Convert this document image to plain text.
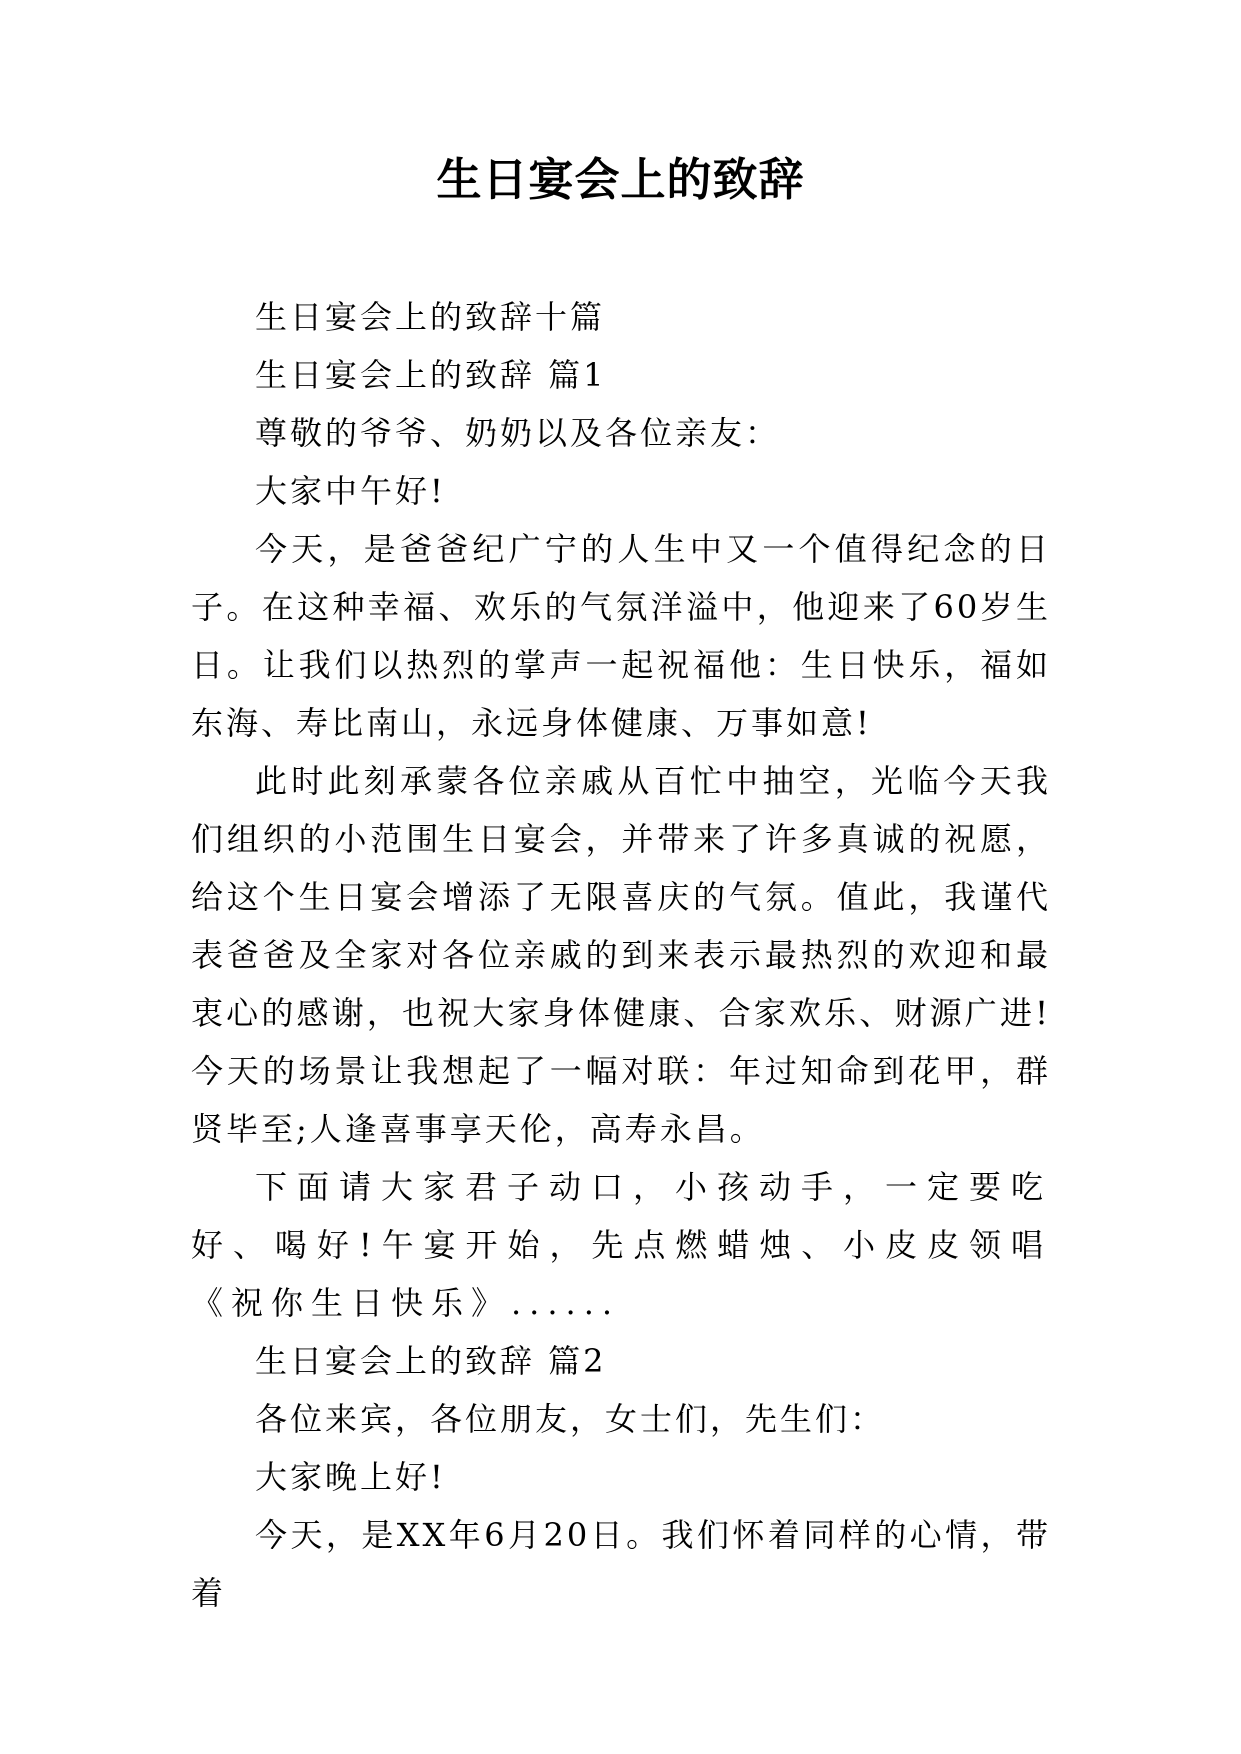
生日宴会上的致辞

生日宴会上的致辞十篇

生日宴会上的致辞 篇1

尊敬的爷爷、奶奶以及各位亲友：

大家中午好!

今天，是爸爸纪广宁的人生中又一个值得纪念的日子。在这种幸福、欢乐的气氛洋溢中，他迎来了60岁生日。让我们以热烈的掌声一起祝福他：生日快乐，福如东海、寿比南山，永远身体健康、万事如意!

此时此刻承蒙各位亲戚从百忙中抽空，光临今天我们组织的小范围生日宴会，并带来了许多真诚的祝愿，给这个生日宴会增添了无限喜庆的气氛。值此，我谨代表爸爸及全家对各位亲戚的到来表示最热烈的欢迎和最衷心的感谢，也祝大家身体健康、合家欢乐、财源广进!今天的场景让我想起了一幅对联：年过知命到花甲，群贤毕至;人逢喜事享天伦，高寿永昌。

下面请大家君子动口，小孩动手，一定要吃好、喝好!午宴开始，先点燃蜡烛、小皮皮领唱《祝你生日快乐》......

生日宴会上的致辞 篇2

各位来宾，各位朋友，女士们，先生们：

大家晚上好!

今天，是XX年6月20日。我们怀着同样的心情，带着
